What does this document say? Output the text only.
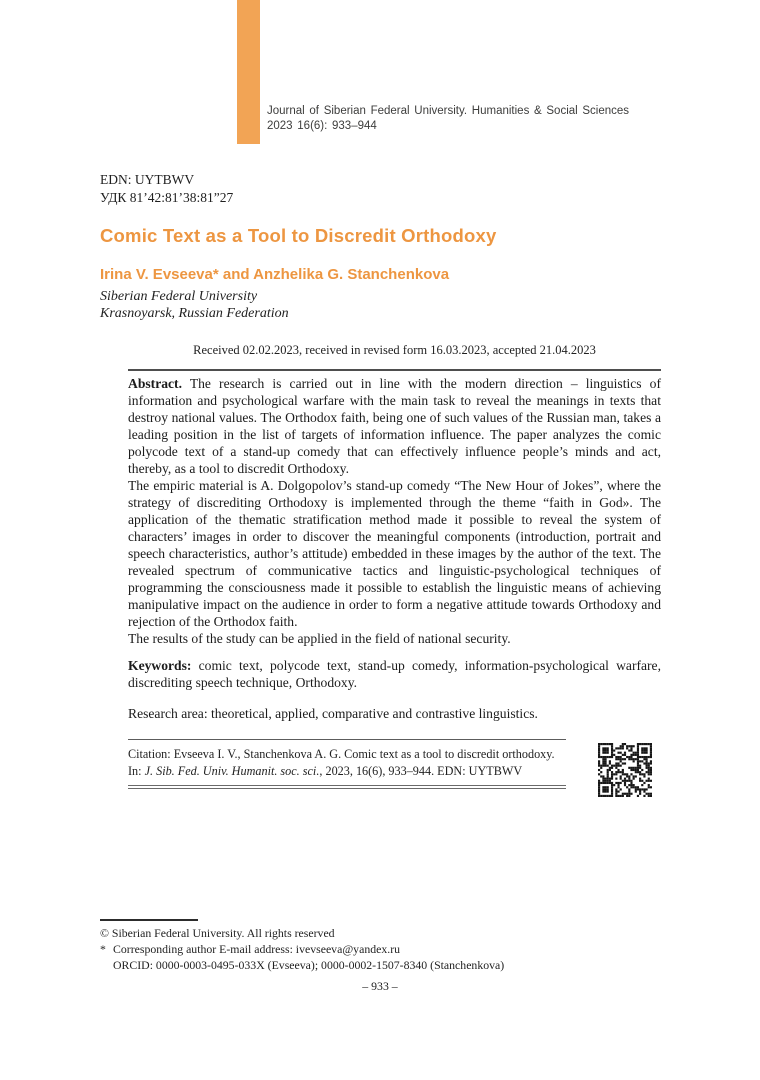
Journal of Siberian Federal University. Humanities & Social Sciences
2023 16(6): 933–944
EDN: UYTBWV
УДК 81’42:81’38:81”27
Comic Text as a Tool to Discredit Orthodoxy
Irina V. Evseeva* and Anzhelika G. Stanchenkova
Siberian Federal University
Krasnoyarsk, Russian Federation
Received 02.02.2023, received in revised form 16.03.2023, accepted 21.04.2023

Abstract. The research is carried out in line with the modern direction – linguistics of information and psychological warfare with the main task to reveal the meanings in texts that destroy national values. The Orthodox faith, being one of such values of the Russian man, takes a leading position in the list of targets of information influence. The paper analyzes the comic polycode text of a stand-up comedy that can effectively influence people’s minds and act, thereby, as a tool to discredit Orthodoxy.

The empiric material is A. Dolgopolov’s stand-up comedy “The New Hour of Jokes”, where the strategy of discrediting Orthodoxy is implemented through the theme “faith in God». The application of the thematic stratification method made it possible to reveal the system of characters’ images in order to discover the meaningful components (introduction, portrait and speech characteristics, author’s attitude) embedded in these images by the author of the text. The revealed spectrum of communicative tactics and linguistic-psychological techniques of programming the consciousness made it possible to establish the linguistic means of achieving manipulative impact on the audience in order to form a negative attitude towards Orthodoxy and rejection of the Orthodox faith.

The results of the study can be applied in the field of national security.

Keywords: comic text, polycode text, stand-up comedy, information-psychological warfare, discrediting speech technique, Orthodoxy.

Research area: theoretical, applied, comparative and contrastive linguistics.

Citation: Evseeva I. V., Stanchenkova A. G. Comic text as a tool to discredit orthodoxy.
In: J. Sib. Fed. Univ. Humanit. soc. sci., 2023, 16(6), 933–944. EDN: UYTBWV
© Siberian Federal University. All rights reserved
* Corresponding author E-mail address: ivevseeva@yandex.ru
ORCID: 0000-0003-0495-033X (Evseeva); 0000-0002-1507-8340 (Stanchenkova)
– 933 –
